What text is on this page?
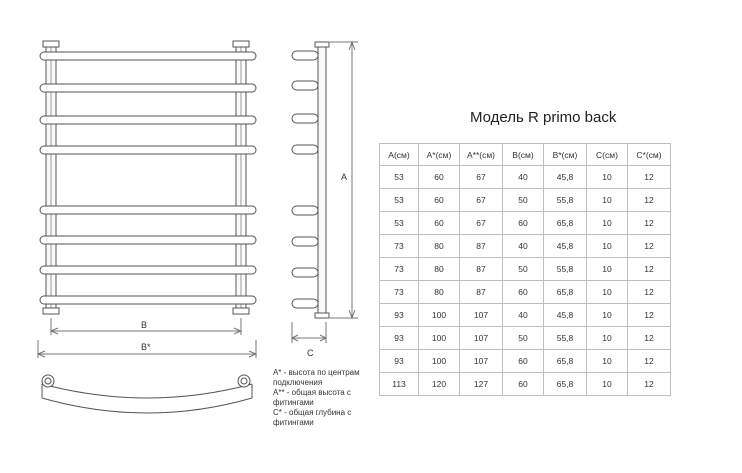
B
B*
A
C
A* - высота по центрам подключения
A** - общая высота с фитингами
C* - общая глубина с фитингами
Модель R primo back
A(см)	A*(см)	A**(см)	B(см)	B*(см)	C(см)	C*(см)
53	60	67	40	45,8	10	12
53	60	67	50	55,8	10	12
53	60	67	60	65,8	10	12
73	80	87	40	45,8	10	12
73	80	87	50	55,8	10	12
73	80	87	60	65,8	10	12
93	100	107	40	45,8	10	12
93	100	107	50	55,8	10	12
93	100	107	60	65,8	10	12
113	120	127	60	65,8	10	12
